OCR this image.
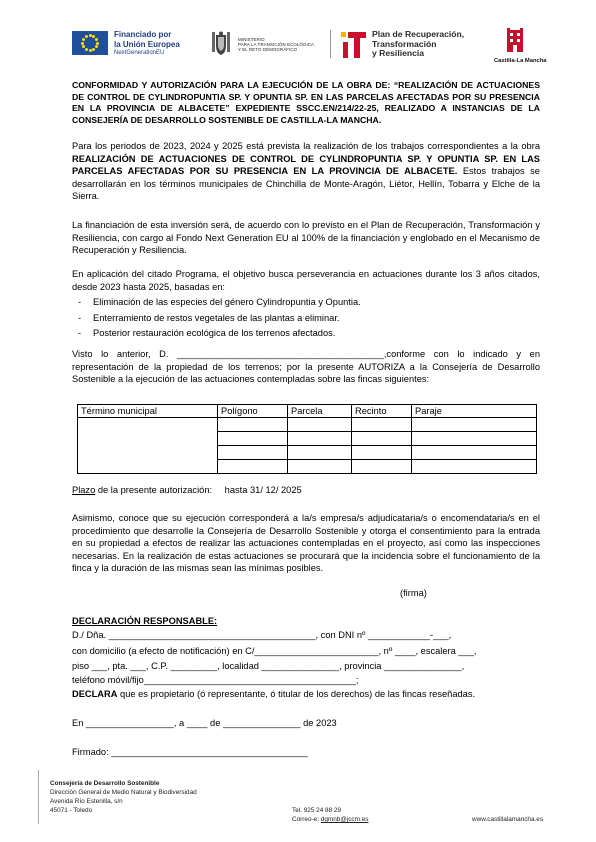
Financiado por
la Unión Europea
NextGenerationEU
MINISTERIO
PARA LA TRANSICIÓN ECOLÓGICA
Y EL RETO DEMOGRÁFICO
Plan de Recuperación,
Transformación
y Resiliencia
Castilla-La Mancha
CONFORMIDAD Y AUTORIZACIÓN PARA LA EJECUCIÓN DE LA OBRA DE: “REALIZACIÓN DE ACTUACIONES DE CONTROL DE CYLINDROPUNTIA SP. Y OPUNTIA SP. EN LAS PARCELAS AFECTADAS POR SU PRESENCIA EN LA PROVINCIA DE ALBACETE” EXPEDIENTE SSCC.EN/214/22-25, REALIZADO A INSTANCIAS DE LA CONSEJERÍA DE DESARROLLO SOSTENIBLE DE CASTILLA-LA MANCHA.
Para los periodos de 2023, 2024 y 2025 está prevista la realización de los trabajos correspondientes a la obra REALIZACIÓN DE ACTUACIONES DE CONTROL DE CYLINDROPUNTIA SP. Y OPUNTIA SP. EN LAS PARCELAS AFECTADAS POR SU PRESENCIA EN LA PROVINCIA DE ALBACETE. Estos trabajos se desarrollarán en los términos municipales de Chinchilla de Monte-Aragón, Liétor, Hellín, Tobarra y Elche de la Sierra.
La financiación de esta inversión será, de acuerdo con lo previsto en el Plan de Recuperación, Transformación y Resiliencia, con cargo al Fondo Next Generation EU al 100% de la financiación y englobado en el Mecanismo de Recuperación y Resiliencia.
En aplicación del citado Programa, el objetivo busca perseverancia en actuaciones durante los 3 años citados, desde 2023 hasta 2025, basadas en:
- Eliminación de las especies del género Cylindropuntia y Opuntia.
- Enterramiento de restos vegetales de las plantas a eliminar.
- Posterior restauración ecológica de los terrenos afectados.
Visto lo anterior, D. ________________________________________,conforme con lo indicado y en representación de la propiedad de los terrenos; por la presente AUTORIZA a la Consejería de Desarrollo Sostenible a la ejecución de las actuaciones contempladas sobre las fincas siguientes:
Término municipal	Polígono	Parcela	Recinto	Paraje

Plazo de la presente autorización: hasta 31/ 12/ 2025
Asimismo, conoce que su ejecución corresponderá a la/s empresa/s adjudicataria/s o encomendataria/s en el procedimiento que desarrolle la Consejería de Desarrollo Sostenible y otorga el consentimiento para la entrada en su propiedad a efectos de realizar las actuaciones contempladas en el proyecto, así como las inspecciones necesarias. En la realización de estas actuaciones se procurará que la incidencia sobre el funcionamiento de la finca y la duración de las mismas sean las mínimas posibles.
(firma)
DECLARACIÓN RESPONSABLE:
D./ Dña. ________________________________________, con DNI nº ____________-___,
con domicilio (a efecto de notificación) en C/________________________, nº ____, escalera ___,
piso ___, pta. ___, C.P. _________, localidad _______________, provincia _______________,
teléfono móvil/fijo_________________________________________;
DECLARA que es propietario (ó representante, ó titular de los derechos) de las fincas reseñadas.
En _________________, a ____ de _______________ de 2023
Firmado: ______________________________________
Consejería de Desarrollo Sostenible
Dirección General de Medio Natural y Biodiversidad
Avenida Río Estenilla, s/n
45071 - Toledo	Tel. 925 24 88 29
Correo-e: dgmnb@jccm.es	www.castillalamancha.es
